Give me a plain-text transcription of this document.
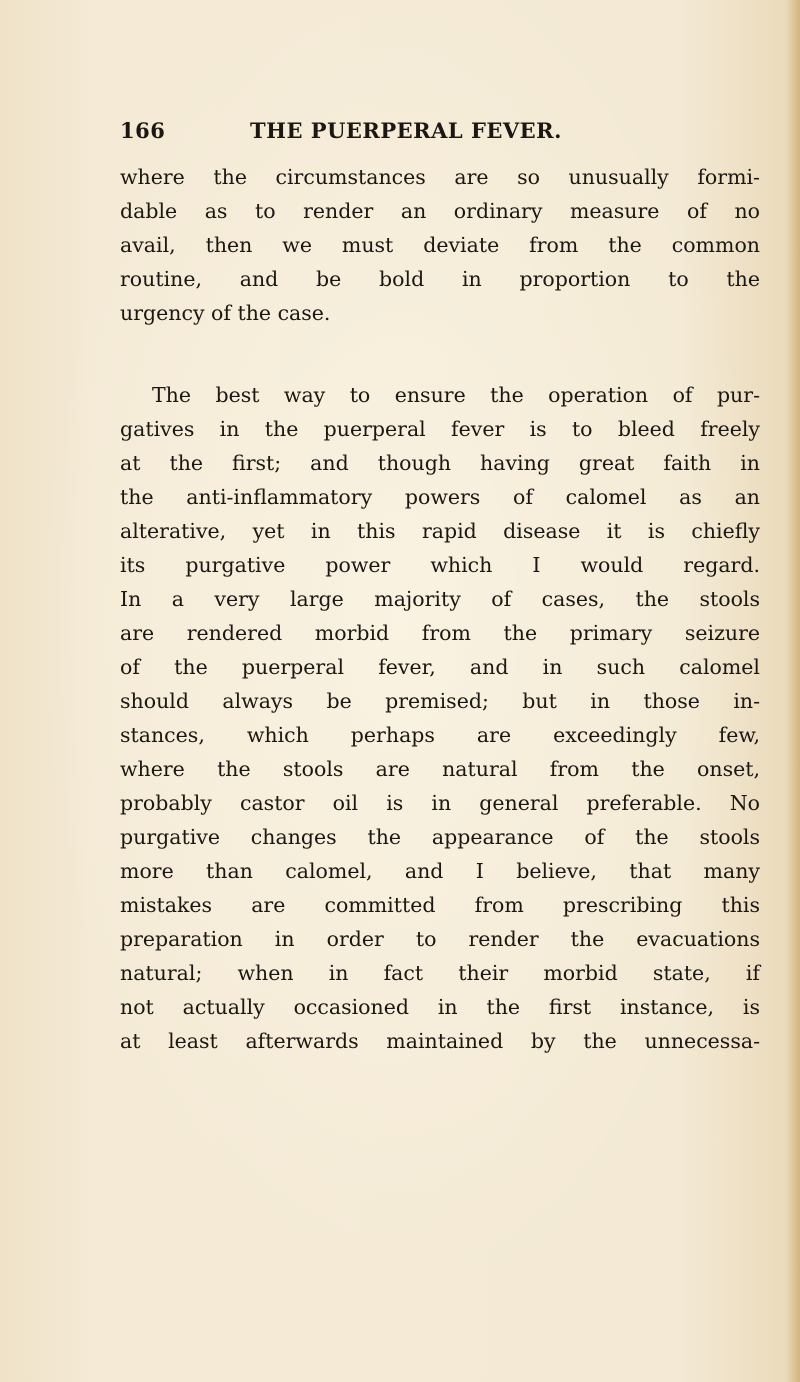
166	THE PUERPERAL FEVER.
where the circumstances are so unusually formi-
dable as to render an ordinary measure of no
avail, then we must deviate from the common
routine, and be bold in proportion to the
urgency of the case.
The best way to ensure the operation of pur-
gatives in the puerperal fever is to bleed freely
at the first; and though having great faith in
the anti-inflammatory powers of calomel as an
alterative, yet in this rapid disease it is chiefly
its purgative power which I would regard.
In a very large majority of cases, the stools
are rendered morbid from the primary seizure
of the puerperal fever, and in such calomel
should always be premised; but in those in-
stances, which perhaps are exceedingly few,
where the stools are natural from the onset,
probably castor oil is in general preferable. No
purgative changes the appearance of the stools
more than calomel, and I believe, that many
mistakes are committed from prescribing this
preparation in order to render the evacuations
natural; when in fact their morbid state, if
not actually occasioned in the first instance, is
at least afterwards maintained by the unnecessa-
